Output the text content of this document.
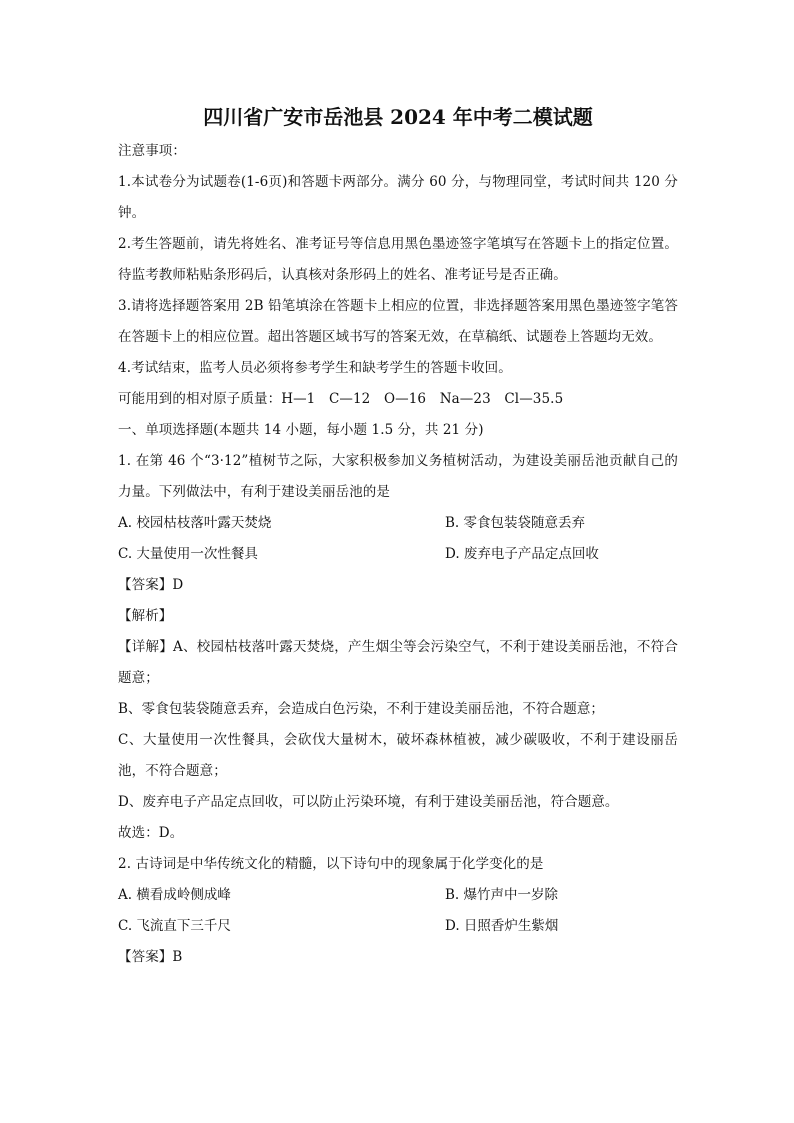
四川省广安市岳池县 2024 年中考二模试题

注意事项：

1.本试卷分为试题卷(1-6页)和答题卡两部分。满分 60 分，与物理同堂，考试时间共 120 分钟。

2.考生答题前，请先将姓名、准考证号等信息用黑色墨迹签字笔填写在答题卡上的指定位置。待监考教师粘贴条形码后，认真核对条形码上的姓名、准考证号是否正确。

3.请将选择题答案用 2B 铅笔填涂在答题卡上相应的位置，非选择题答案用黑色墨迹签字笔答在答题卡上的相应位置。超出答题区域书写的答案无效，在草稿纸、试题卷上答题均无效。

4.考试结束，监考人员必须将参考学生和缺考学生的答题卡收回。

可能用到的相对原子质量：H—1　C—12　O—16　Na—23　Cl—35.5

一、单项选择题(本题共 14 小题，每小题 1.5 分，共 21 分)

1. 在第 46 个“3·12”植树节之际，大家积极参加义务植树活动，为建设美丽岳池贡献自己的力量。下列做法中，有利于建设美丽岳池的是

A. 校园枯枝落叶露天焚烧	B. 零食包装袋随意丢弃
C. 大量使用一次性餐具	D. 废弃电子产品定点回收

【答案】D

【解析】

【详解】A、校园枯枝落叶露天焚烧，产生烟尘等会污染空气，不利于建设美丽岳池，不符合题意；

B、零食包装袋随意丢弃，会造成白色污染，不利于建设美丽岳池，不符合题意；

C、大量使用一次性餐具，会砍伐大量树木，破坏森林植被，减少碳吸收，不利于建设丽岳池，不符合题意；

D、废弃电子产品定点回收，可以防止污染环境，有利于建设美丽岳池，符合题意。

故选：D。

2. 古诗词是中华传统文化的精髓，以下诗句中的现象属于化学变化的是

A. 横看成岭侧成峰	B. 爆竹声中一岁除
C. 飞流直下三千尺	D. 日照香炉生紫烟

【答案】B
